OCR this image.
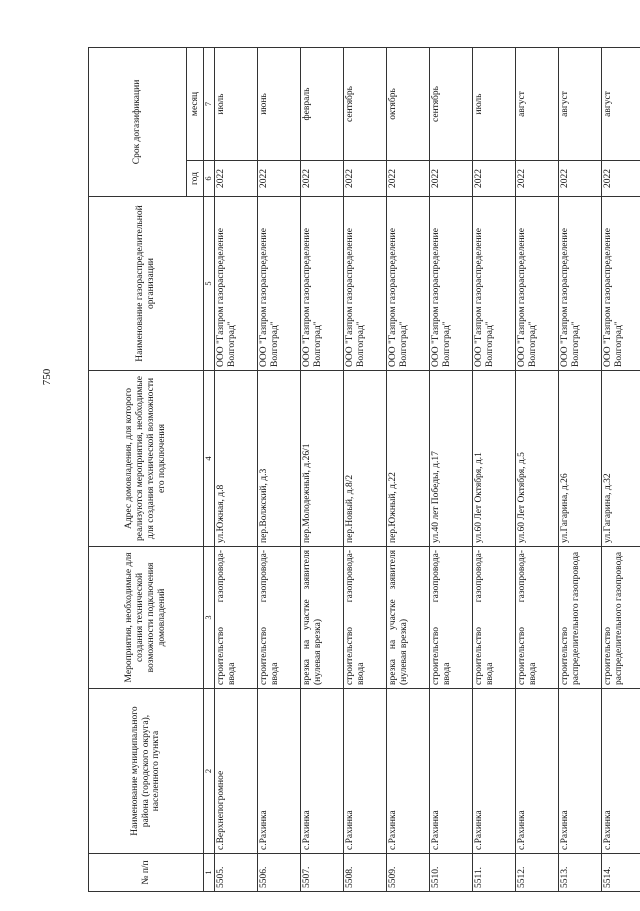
750
№ п/п	Наименование муниципального района (городского округа), населенного пункта	Мероприятия, необходимые для создания технической возможности подключения домовладений	Адрес домовладения, для которого реализуются мероприятия, необходимые для создания технической возможности его подключения	Наименование газораспределительной организации	Срок догазификации	
					год	месяц
1	2	3	4	5	6	7
5505.	с.Верхнепогромное	строительство газопровода-ввода	ул.Южная, д.8	ООО "Газпром газораспределение Волгоград"	2022	июль
5506.	с.Рахинка	строительство газопровода-ввода	пер.Волжский, д.3	ООО "Газпром газораспределение Волгоград"	2022	июнь
5507.	с.Рахинка	врезка на участке заявителя (нулевая врезка)	пер.Молодежный, д.26/1	ООО "Газпром газораспределение Волгоград"	2022	февраль
5508.	с.Рахинка	строительство газопровода-ввода	пер.Новый, д.8/2	ООО "Газпром газораспределение Волгоград"	2022	сентябрь
5509.	с.Рахинка	врезка на участке заявителя (нулевая врезка)	пер.Южный, д.22	ООО "Газпром газораспределение Волгоград"	2022	октябрь
5510.	с.Рахинка	строительство газопровода-ввода	ул.40 лет Победы, д.17	ООО "Газпром газораспределение Волгоград"	2022	сентябрь
5511.	с.Рахинка	строительство газопровода-ввода	ул.60 Лет Октября, д.1	ООО "Газпром газораспределение Волгоград"	2022	июль
5512.	с.Рахинка	строительство газопровода-ввода	ул.60 Лет Октября, д.5	ООО "Газпром газораспределение Волгоград"	2022	август
5513.	с.Рахинка	строительство распределительного газопровода	ул.Гагарина, д.26	ООО "Газпром газораспределение Волгоград"	2022	август
5514.	с.Рахинка	строительство распределительного газопровода	ул.Гагарина, д.32	ООО "Газпром газораспределение Волгоград"	2022	август
